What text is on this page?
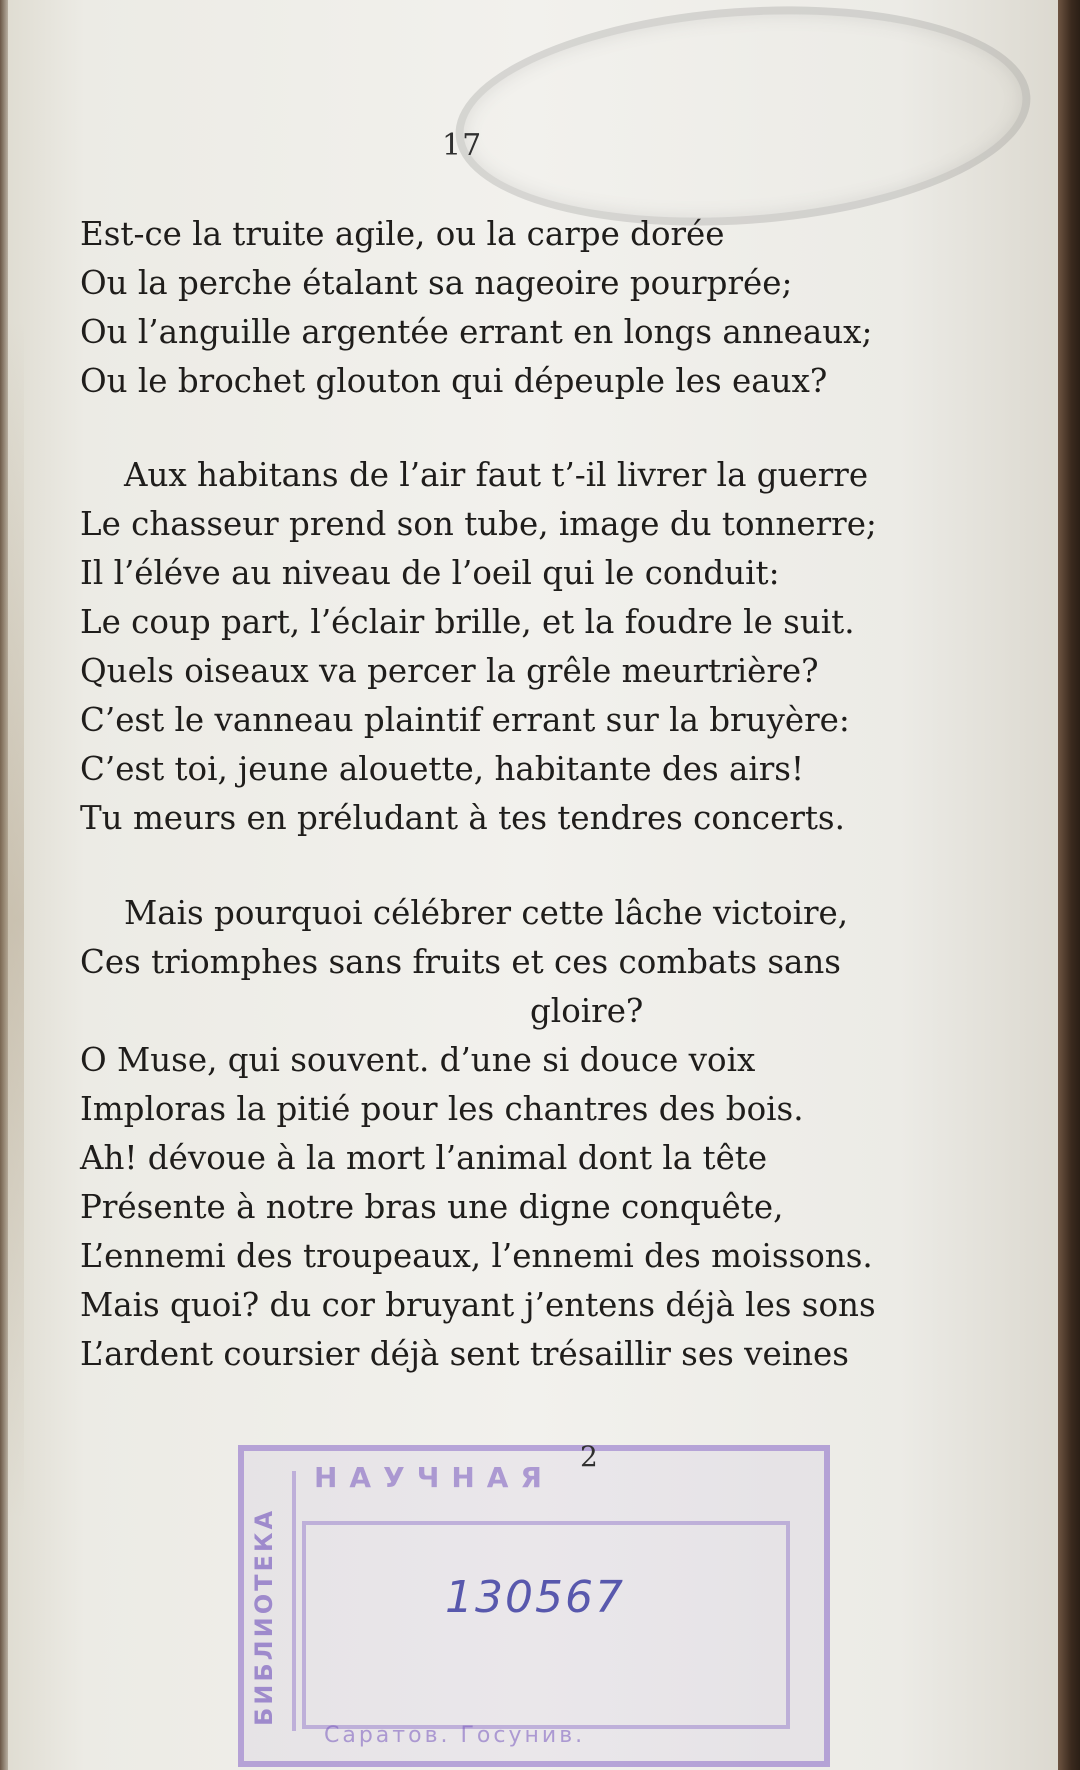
17
Est-ce la truite agile, ou la carpe dorée
Ou la perche étalant sa nageoire pourprée;
Ou l’anguille argentée errant en longs anneaux;
Ou le brochet glouton qui dépeuple les eaux?
Aux habitans de l’air faut t’-il livrer la guerre
Le chasseur prend son tube, image du tonnerre;
Il l’éléve au niveau de l’oeil qui le conduit:
Le coup part, l’éclair brille, et la foudre le suit.
Quels oiseaux va percer la grêle meurtrière?
C’est le vanneau plaintif errant sur la bruyère:
C’est toi, jeune alouette, habitante des airs!
Tu meurs en préludant à tes tendres concerts.
Mais pourquoi célébrer cette lâche victoire,
Ces triomphes sans fruits et ces combats sans
gloire?
O Muse, qui souvent. d’une si douce voix
Imploras la pitié pour les chantres des bois.
Ah! dévoue à la mort l’animal dont la tête
Présente à notre bras une digne conquête,
L’ennemi des troupeaux, l’ennemi des moissons.
Mais quoi? du cor bruyant j’entens déjà les sons
L’ardent coursier déjà sent trésaillir ses veines
БИБЛИОТЕКА
НАУЧНАЯ
Саратов. Госунив.
2
130567
